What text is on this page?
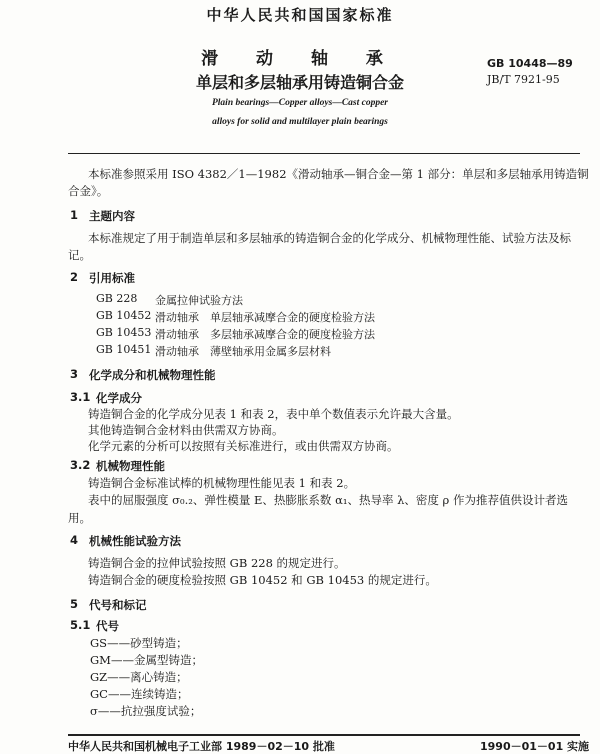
中华人民共和国国家标准
滑 动 轴 承
单层和多层轴承用铸造铜合金
Plain bearings—Copper alloys—Cast copper
alloys for solid and multilayer plain bearings
GB 10448—89
JB/T 7921-95
本标准参照采用 ISO 4382／1—1982《滑动轴承—铜合金—第 1 部分：单层和多层轴承用铸造铜
合金》。
1 主题内容
本标准规定了用于制造单层和多层轴承的铸造铜合金的化学成分、机械物理性能、试验方法及标
记。
2 引用标准
GB 228 金属拉伸试验方法
GB 10452 滑动轴承　单层轴承减摩合金的硬度检验方法
GB 10453 滑动轴承　多层轴承减摩合金的硬度检验方法
GB 10451 滑动轴承　薄壁轴承用金属多层材料
3 化学成分和机械物理性能
3.1 化学成分
铸造铜合金的化学成分见表 1 和表 2，表中单个数值表示允许最大含量。
其他铸造铜合金材料由供需双方协商。
化学元素的分析可以按照有关标准进行，或由供需双方协商。
3.2 机械物理性能
铸造铜合金标准试棒的机械物理性能见表 1 和表 2。
表中的屈服强度 σ₀.₂、弹性模量 E、热膨胀系数 α₁、热导率 λ、密度 ρ 作为推荐值供设计者选
用。
4 机械性能试验方法
铸造铜合金的拉伸试验按照 GB 228 的规定进行。
铸造铜合金的硬度检验按照 GB 10452 和 GB 10453 的规定进行。
5 代号和标记
5.1 代号
GS——砂型铸造；
GM——金属型铸造；
GZ——离心铸造；
GC——连续铸造；
σ——抗拉强度试验；
中华人民共和国机械电子工业部 1989－02－10 批准	1990－01－01 实施
